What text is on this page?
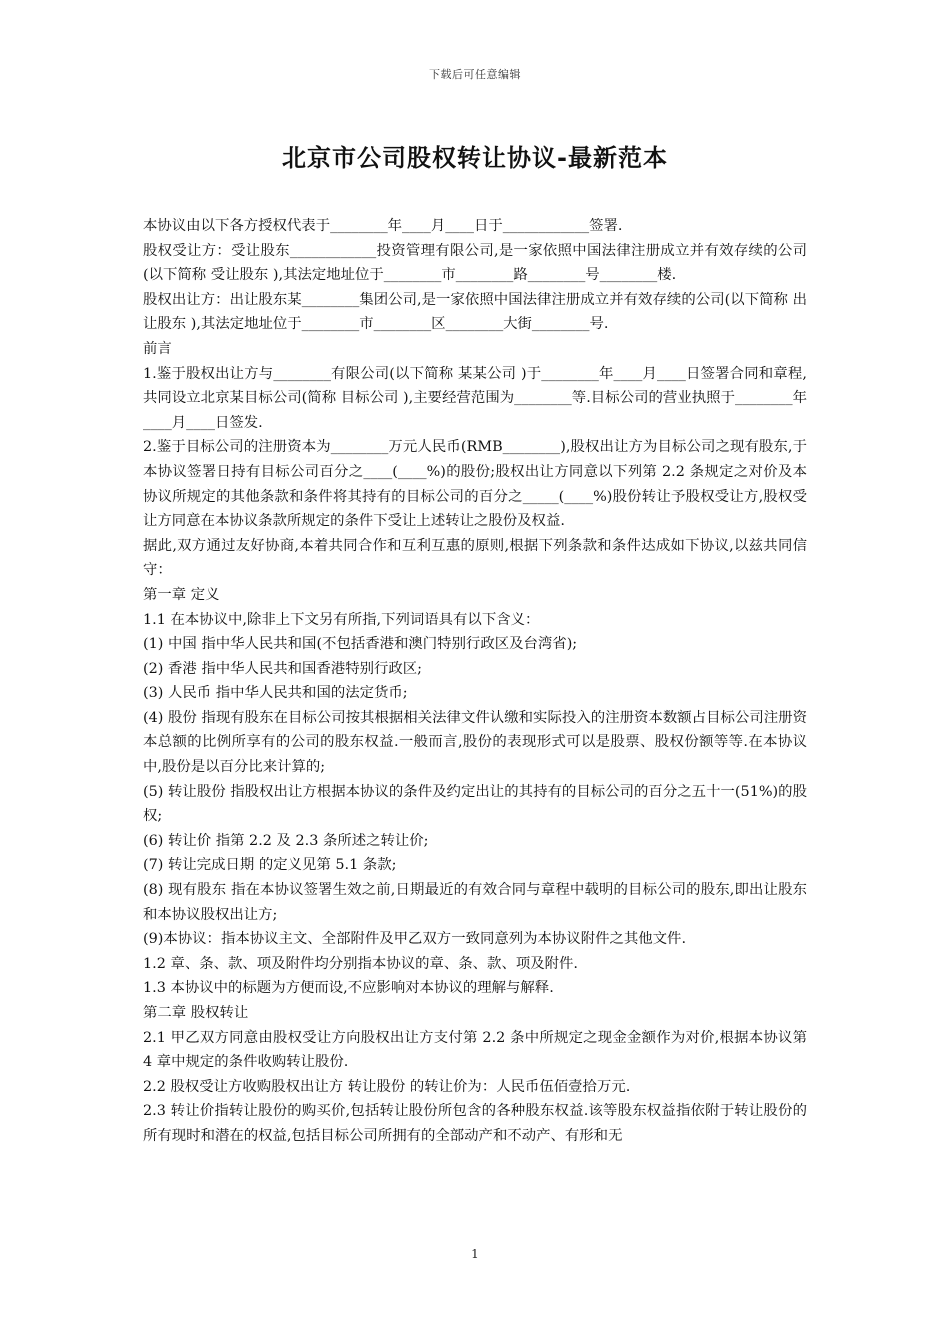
下载后可任意编辑
北京市公司股权转让协议-最新范本

本协议由以下各方授权代表于________年____月____日于____________签署.

股权受让方：受让股东____________投资管理有限公司,是一家依照中国法律注册成立并有效存续的公司(以下简称 受让股东 ),其法定地址位于________市________路________号________楼.

股权出让方：出让股东某________集团公司,是一家依照中国法律注册成立并有效存续的公司(以下简称 出让股东 ),其法定地址位于________市________区________大街________号.

前言

1.鉴于股权出让方与________有限公司(以下简称 某某公司 )于________年____月____日签署合同和章程,共同设立北京某目标公司(简称 目标公司 ),主要经营范围为________等.目标公司的营业执照于________年____月____日签发.

2.鉴于目标公司的注册资本为________万元人民币(RMB________),股权出让方为目标公司之现有股东,于本协议签署日持有目标公司百分之____(____%)的股份;股权出让方同意以下列第 2.2 条规定之对价及本协议所规定的其他条款和条件将其持有的目标公司的百分之_____(____%)股份转让予股权受让方,股权受让方同意在本协议条款所规定的条件下受让上述转让之股份及权益.

据此,双方通过友好协商,本着共同合作和互利互惠的原则,根据下列条款和条件达成如下协议,以兹共同信守：

第一章 定义

1.1 在本协议中,除非上下文另有所指,下列词语具有以下含义：

(1) 中国 指中华人民共和国(不包括香港和澳门特别行政区及台湾省);

(2) 香港 指中华人民共和国香港特别行政区;

(3) 人民币 指中华人民共和国的法定货币;

(4) 股份 指现有股东在目标公司按其根据相关法律文件认缴和实际投入的注册资本数额占目标公司注册资本总额的比例所享有的公司的股东权益.一般而言,股份的表现形式可以是股票、股权份额等等.在本协议中,股份是以百分比来计算的;

(5) 转让股份 指股权出让方根据本协议的条件及约定出让的其持有的目标公司的百分之五十一(51%)的股权;

(6) 转让价 指第 2.2 及 2.3 条所述之转让价;

(7) 转让完成日期 的定义见第 5.1 条款;

(8) 现有股东 指在本协议签署生效之前,日期最近的有效合同与章程中载明的目标公司的股东,即出让股东和本协议股权出让方;

(9)本协议：指本协议主文、全部附件及甲乙双方一致同意列为本协议附件之其他文件.

1.2 章、条、款、项及附件均分别指本协议的章、条、款、项及附件.

1.3 本协议中的标题为方便而设,不应影响对本协议的理解与解释.

第二章 股权转让

2.1 甲乙双方同意由股权受让方向股权出让方支付第 2.2 条中所规定之现金金额作为对价,根据本协议第 4 章中规定的条件收购转让股份.

2.2 股权受让方收购股权出让方 转让股份 的转让价为：人民币伍佰壹拾万元.

2.3 转让价指转让股份的购买价,包括转让股份所包含的各种股东权益.该等股东权益指依附于转让股份的所有现时和潜在的权益,包括目标公司所拥有的全部动产和不动产、有形和无

1
